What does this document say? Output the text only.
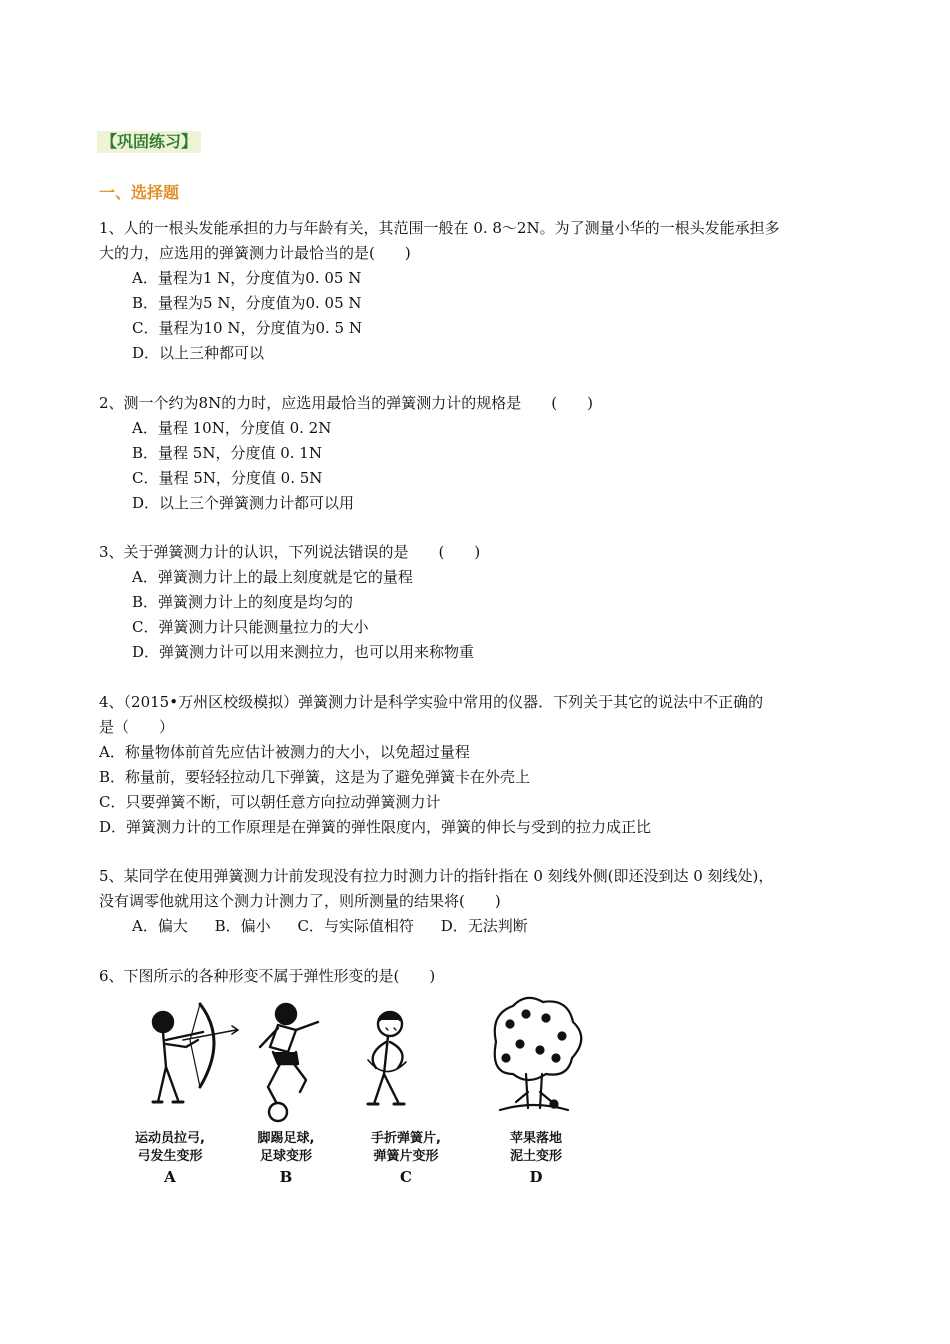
【巩固练习】
一、选择题
1、人的一根头发能承担的力与年龄有关，其范围一般在 0. 8～2N。为了测量小华的一根头发能承担多
大的力，应选用的弹簧测力计最恰当的是(　　)
A．量程为1 N，分度值为0. 05 N
B．量程为5 N，分度值为0. 05 N
C．量程为10 N，分度值为0. 5 N
D．以上三种都可以
2、测一个约为8N的力时，应选用最恰当的弹簧测力计的规格是　　(　　)
A．量程 10N，分度值 0. 2N
B．量程 5N，分度值 0. 1N
C．量程 5N，分度值 0. 5N
D．以上三个弹簧测力计都可以用
3、关于弹簧测力计的认识，下列说法错误的是　　(　　)
A．弹簧测力计上的最上刻度就是它的量程
B．弹簧测力计上的刻度是均匀的
C．弹簧测力计只能测量拉力的大小
D．弹簧测力计可以用来测拉力，也可以用来称物重
4、（2015•万州区校级模拟）弹簧测力计是科学实验中常用的仪器．下列关于其它的说法中不正确的
是（　　）
A．称量物体前首先应估计被测力的大小，以免超过量程
B．称量前，要轻轻拉动几下弹簧，这是为了避免弹簧卡在外壳上
C．只要弹簧不断，可以朝任意方向拉动弹簧测力计
D．弹簧测力计的工作原理是在弹簧的弹性限度内，弹簧的伸长与受到的拉力成正比
5、某同学在使用弹簧测力计前发现没有拉力时测力计的指针指在 0 刻线外侧(即还没到达 0 刻线处)，
没有调零他就用这个测力计测力了，则所测量的结果将(　　)
A．偏大 B．偏小 C．与实际值相符 D．无法判断
6、下图所示的各种形变不属于弹性形变的是(　　)
运动员拉弓,
弓发生变形
A
脚踢足球,
足球变形
B
手折弹簧片,
弹簧片变形
C
苹果落地
泥土变形
D
